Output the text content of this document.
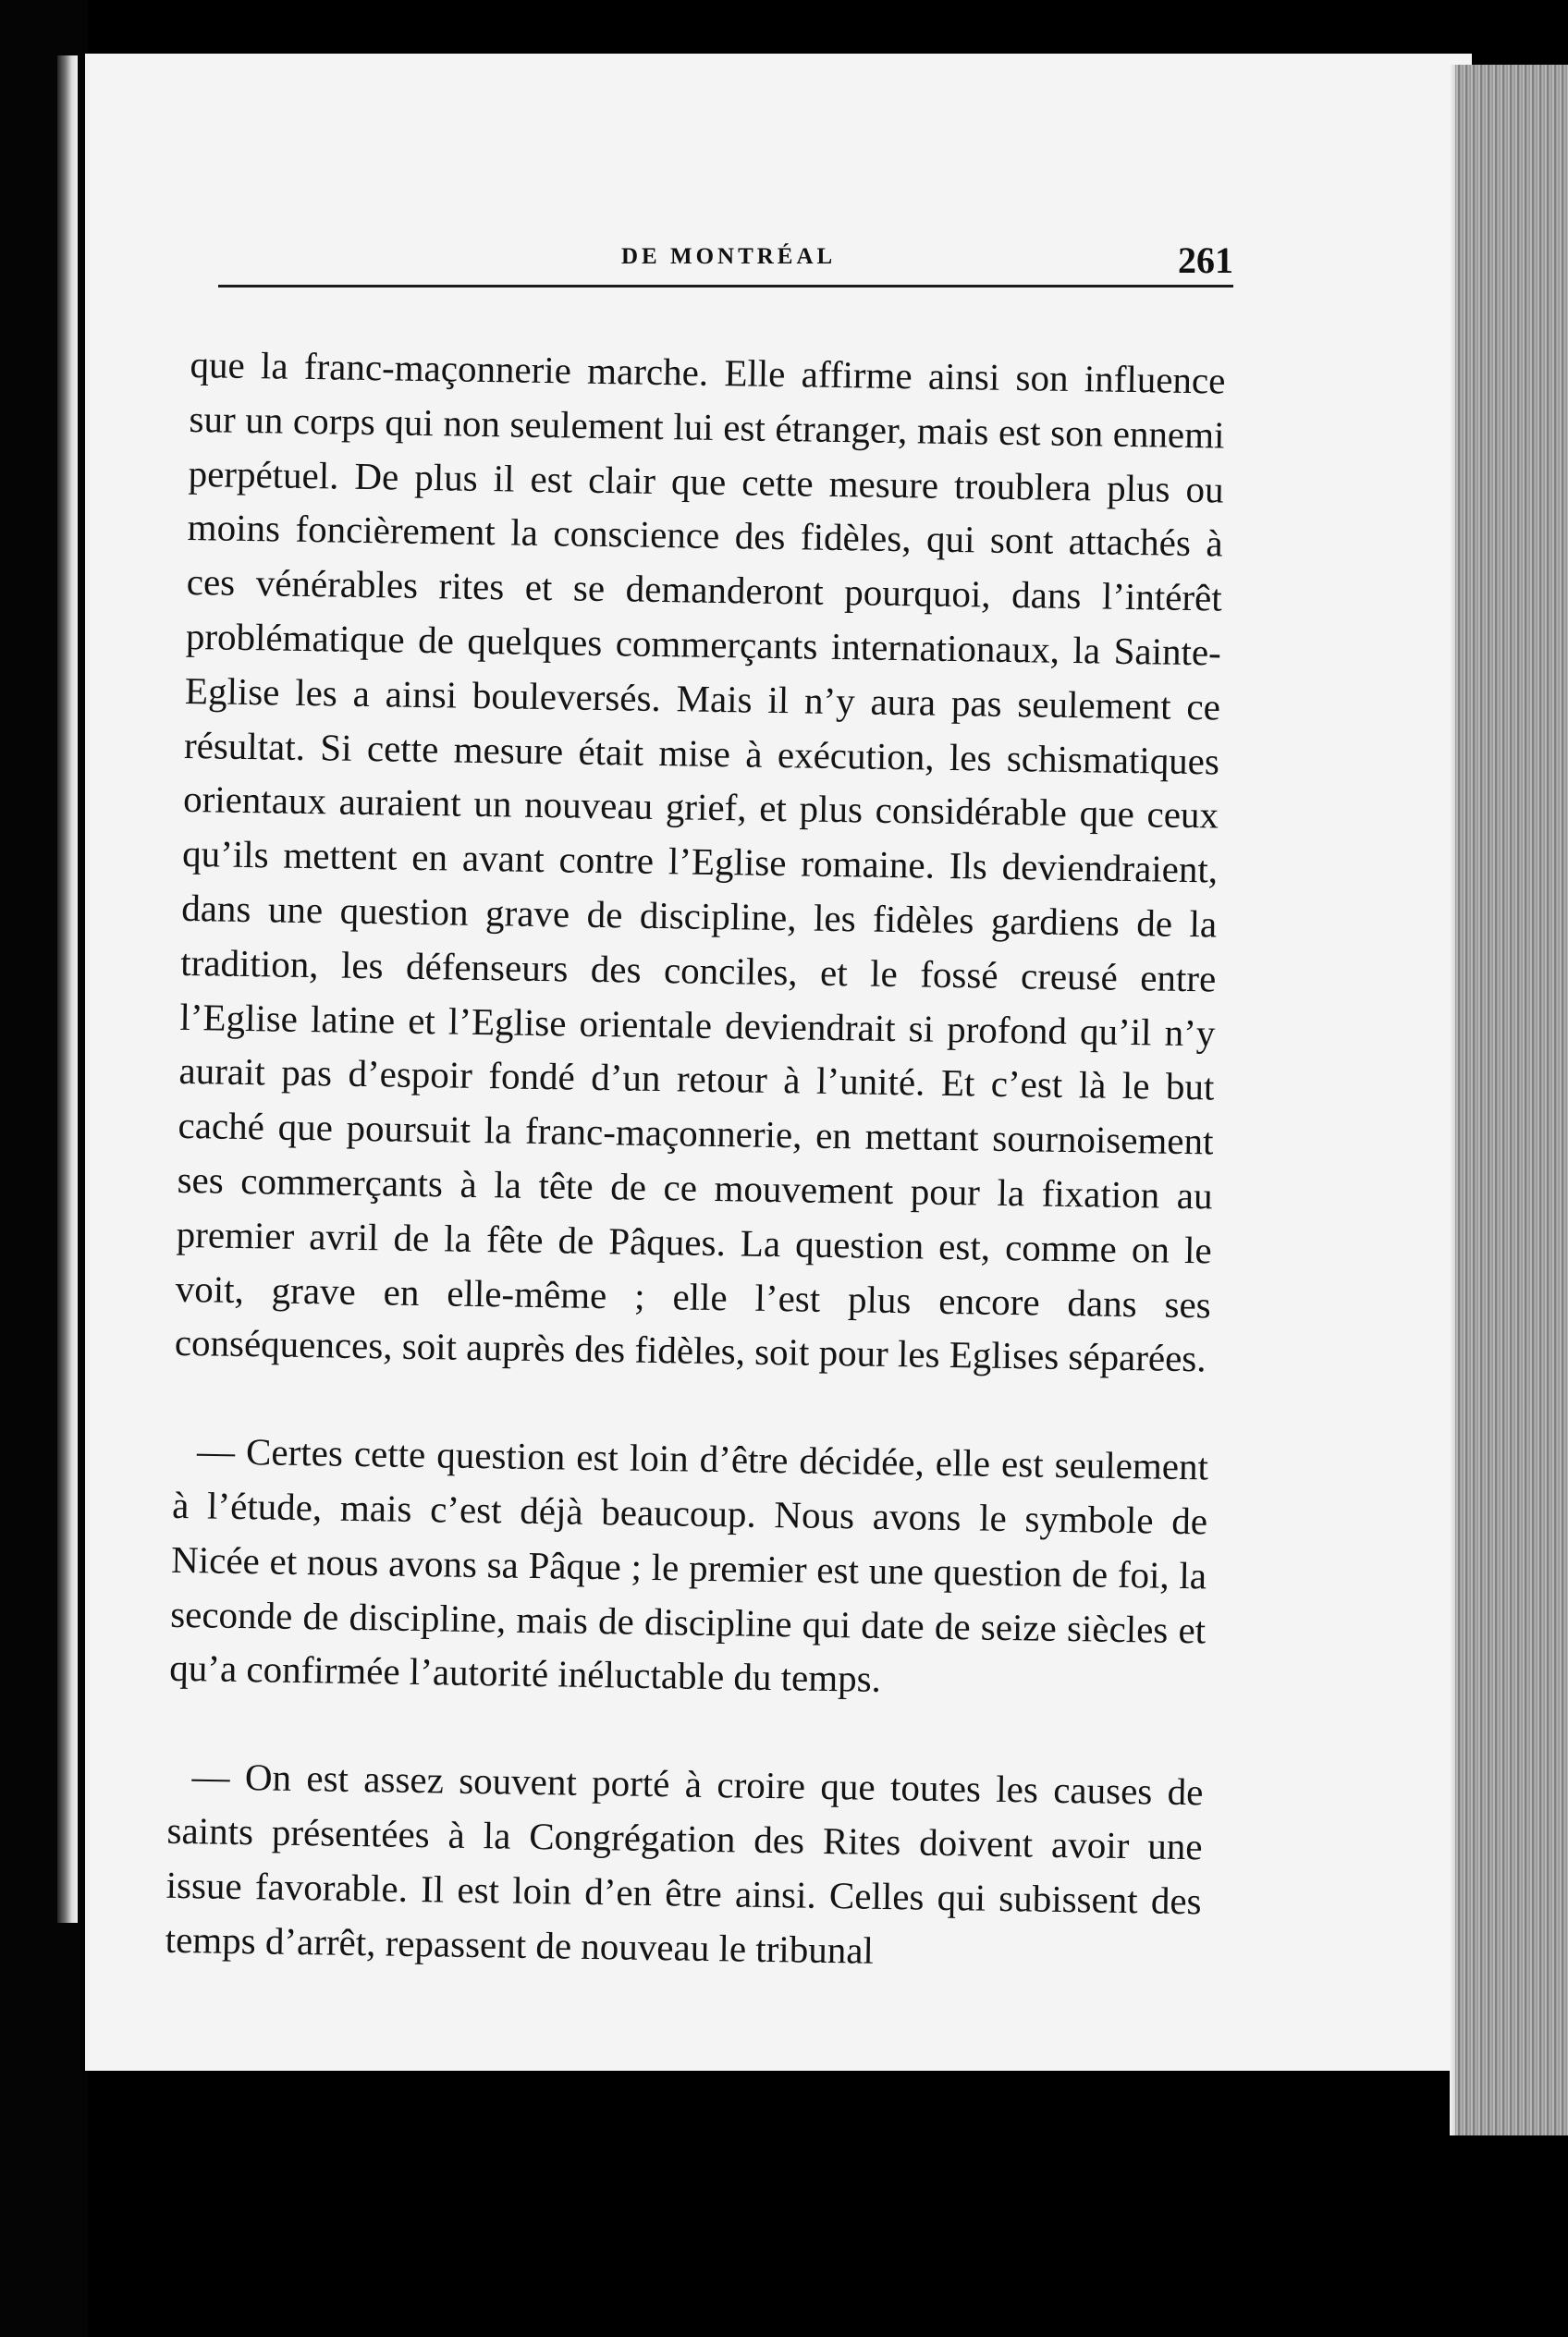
DE MONTRÉAL	261

que la franc-maçonnerie marche. Elle affirme ainsi son influence sur un corps qui non seulement lui est étranger, mais est son ennemi perpétuel. De plus il est clair que cette mesure troublera plus ou moins foncièrement la conscience des fidèles, qui sont attachés à ces vénérables rites et se demanderont pourquoi, dans l’intérêt problématique de quelques commerçants internationaux, la Sainte-Eglise les a ainsi bouleversés. Mais il n’y aura pas seulement ce résultat. Si cette mesure était mise à exécution, les schismatiques orientaux auraient un nouveau grief, et plus considérable que ceux qu’ils mettent en avant contre l’Eglise romaine. Ils deviendraient, dans une question grave de discipline, les fidèles gardiens de la tradition, les défenseurs des conciles, et le fossé creusé entre l’Eglise latine et l’Eglise orientale deviendrait si profond qu’il n’y aurait pas d’espoir fondé d’un retour à l’unité. Et c’est là le but caché que poursuit la franc-maçonnerie, en mettant sournoisement ses commerçants à la tête de ce mouvement pour la fixation au premier avril de la fête de Pâques. La question est, comme on le voit, grave en elle-même ; elle l’est plus encore dans ses conséquences, soit auprès des fidèles, soit pour les Eglises séparées.

— Certes cette question est loin d’être décidée, elle est seulement à l’étude, mais c’est déjà beaucoup. Nous avons le symbole de Nicée et nous avons sa Pâque ; le premier est une question de foi, la seconde de discipline, mais de discipline qui date de seize siècles et qu’a confirmée l’autorité inéluctable du temps.

— On est assez souvent porté à croire que toutes les causes de saints présentées à la Congrégation des Rites doivent avoir une issue favorable. Il est loin d’en être ainsi. Celles qui subissent des temps d’arrêt, repassent de nouveau le tribunal
